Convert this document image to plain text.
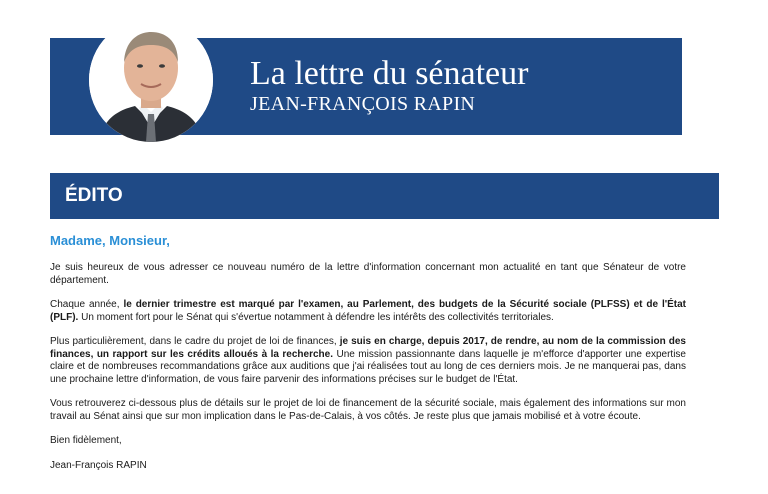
La lettre du sénateur
JEAN-FRANÇOIS RAPIN
ÉDITO
Madame, Monsieur,

Je suis heureux de vous adresser ce nouveau numéro de la lettre d'information concernant mon actualité en tant que Sénateur de votre département.

Chaque année, le dernier trimestre est marqué par l'examen, au Parlement, des budgets de la Sécurité sociale (PLFSS) et de l'État (PLF). Un moment fort pour le Sénat qui s'évertue notamment à défendre les intérêts des collectivités territoriales.

Plus particulièrement, dans le cadre du projet de loi de finances, je suis en charge, depuis 2017, de rendre, au nom de la commission des finances, un rapport sur les crédits alloués à la recherche. Une mission passionnante dans laquelle je m'efforce d'apporter une expertise claire et de nombreuses recommandations grâce aux auditions que j'ai réalisées tout au long de ces derniers mois. Je ne manquerai pas, dans une prochaine lettre d'information, de vous faire parvenir des informations précises sur le budget de l'État.

Vous retrouverez ci-dessous plus de détails sur le projet de loi de financement de la sécurité sociale, mais également des informations sur mon travail au Sénat ainsi que sur mon implication dans le Pas-de-Calais, à vos côtés. Je reste plus que jamais mobilisé et à votre écoute.

Bien fidèlement,

Jean-François RAPIN
